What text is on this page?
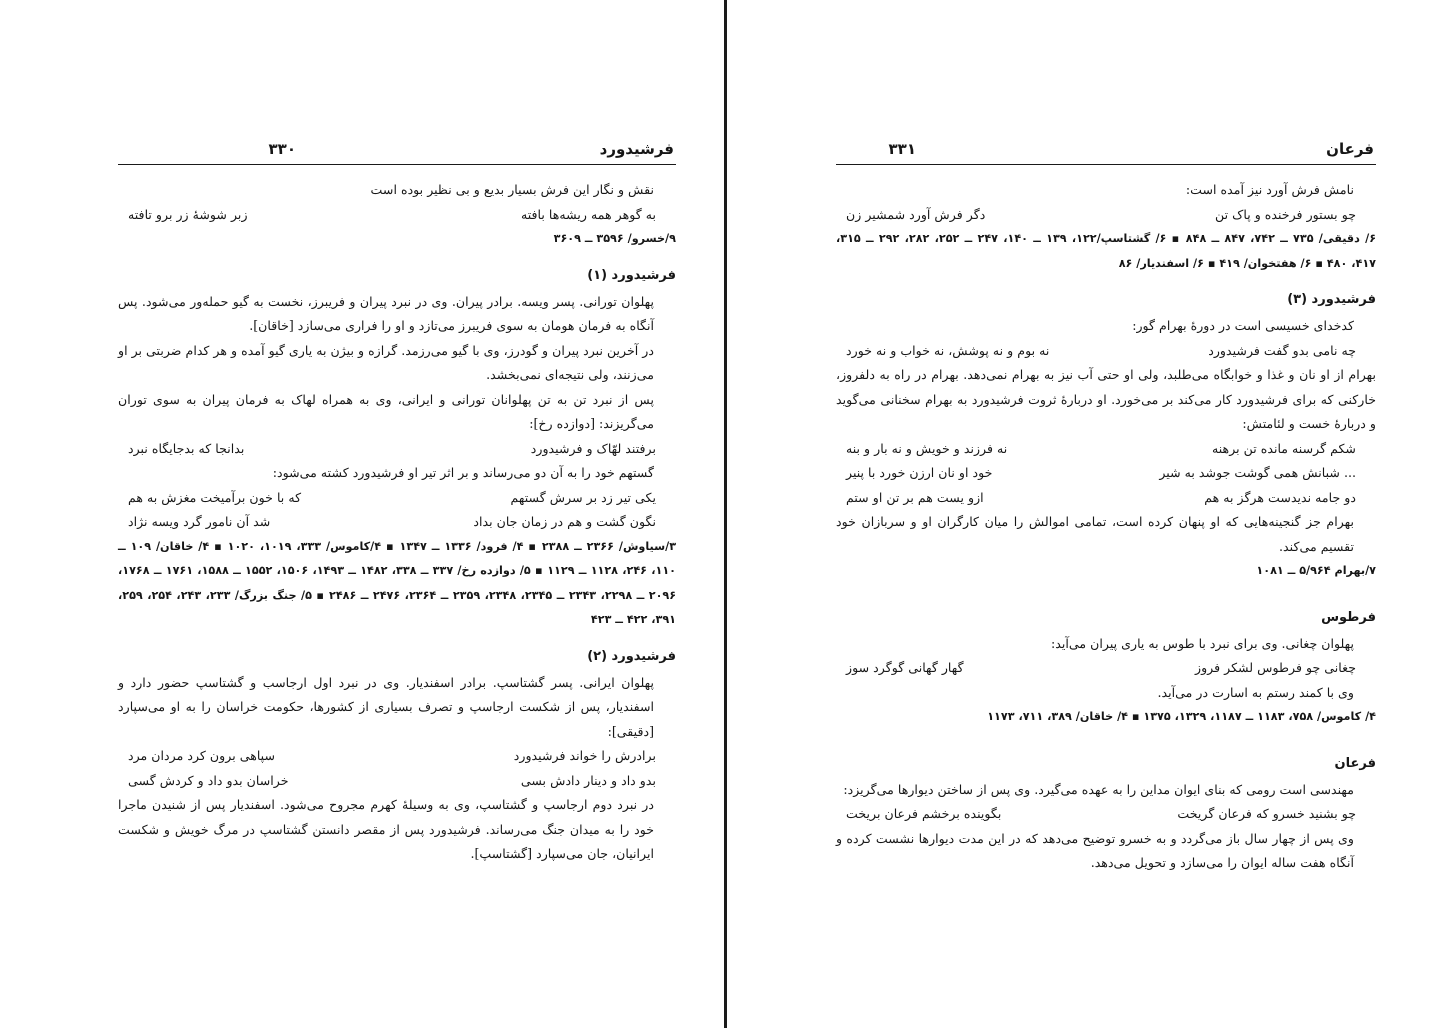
فرشیدورد
۳۳۰

نقش و نگار این فرش بسیار بدیع و بی نظیر بوده است

به گوهر همه ریشه‌ها بافته
زبر شوشهٔ زر برو تافته

۹/خسرو/ ۳۵۹۶ ــ ۳۶۰۹

فرشیدورد (۱)

پهلوان تورانی. پسر ویسه. برادر پیران. وی در نبرد پیران و فریبرز، نخست به گیو حمله‌ور می‌شود. پس آنگاه به فرمان هومان به سوی فریبرز می‌تازد و او را فراری می‌سازد [خاقان].

در آخرین نبرد پیران و گودرز، وی با گیو می‌رزمد. گرازه و بیژن به یاری گیو آمده و هر کدام ضربتی بر او می‌زنند، ولی نتیجه‌ای نمی‌بخشد.

پس از نبرد تن به تن پهلوانان تورانی و ایرانی، وی به همراه لهاک به فرمان پیران به سوی توران می‌گریزند: [دوازده رخ]:

برفتند لهّاک و فرشیدورد
بدانجا که بدجایگاه نبرد

گستهم خود را به آن دو می‌رساند و بر اثر تیر او فرشیدورد کشته می‌شود:

یکی تیر زد بر سرش گستهم
که با خون برآمیخت مغزش به هم
نگون گشت و هم در زمان جان بداد
شد آن نامور گرد ویسه نژاد

۳/سیاوش/ ۲۳۶۶ ــ ۲۳۸۸ ▪ ۴/ فرود/ ۱۳۳۶ ــ ۱۳۴۷ ▪ ۴/کاموس/ ۳۳۳، ۱۰۱۹، ۱۰۲۰ ▪ ۴/ خاقان/ ۱۰۹ ــ ۱۱۰، ۲۴۶، ۱۱۲۸ ــ ۱۱۲۹ ▪ ۵/ دوازده رخ/ ۳۳۷ ــ ۳۳۸، ۱۴۸۲ ــ ۱۴۹۳، ۱۵۰۶، ۱۵۵۲ ــ ۱۵۸۸، ۱۷۶۱ ــ ۱۷۶۸، ۲۰۹۶ ــ ۲۲۹۸، ۲۳۴۳ ــ ۲۳۴۵، ۲۳۴۸، ۲۳۵۹ ــ ۲۳۶۴، ۲۴۷۶ ــ ۲۴۸۶ ▪ ۵/ جنگ بزرگ/ ۲۳۳، ۲۴۳، ۲۵۴، ۲۵۹، ۳۹۱، ۴۲۲ ــ ۴۲۳

فرشیدورد (۲)

پهلوان ایرانی. پسر گشتاسپ. برادر اسفندیار. وی در نبرد اول ارجاسب و گشتاسپ حضور دارد و اسفندیار، پس از شکست ارجاسپ و تصرف بسیاری از کشورها، حکومت خراسان را به او می‌سپارد [دقیقی]:

برادرش را خواند فرشیدورد
سپاهی برون کرد مردان مرد
بدو داد و دینار دادش بسی
خراسان بدو داد و کردش گسی

در نبرد دوم ارجاسپ و گشتاسپ، وی به وسیلهٔ کهرم مجروح می‌شود. اسفندیار پس از شنیدن ماجرا خود را به میدان جنگ می‌رساند. فرشیدورد پس از مقصر دانستن گشتاسپ در مرگ خویش و شکست ایرانیان، جان می‌سپارد [گشتاسپ].

فرعان
۳۳۱

نامش فرش آورد نیز آمده است:

چو بستور فرخنده و پاک تن
دگر فرش آورد شمشیر زن

۶/ دقیقی/ ۷۳۵ ــ ۷۴۲، ۸۴۷ ــ ۸۴۸ ▪ ۶/ گشتاسپ/۱۲۲، ۱۳۹ ــ ۱۴۰، ۲۴۷ ــ ۲۵۲، ۲۸۲، ۲۹۲ ــ ۳۱۵، ۴۱۷، ۴۸۰ ▪ ۶/ هفتخوان/ ۴۱۹ ▪ ۶/ اسفندیار/ ۸۶

فرشیدورد (۳)

کدخدای خسیسی است در دورهٔ بهرام گور:

چه نامی بدو گفت فرشیدورد
نه بوم و نه پوشش، نه خواب و نه خورد

بهرام از او نان و غذا و خوابگاه می‌طلبد، ولی او حتی آب نیز به بهرام نمی‌دهد. بهرام در راه به دلفروز، خارکنی که برای فرشیدورد کار می‌کند بر می‌خورد. او دربارهٔ ثروت فرشیدورد به بهرام سخنانی می‌گوید و دربارهٔ خست و لئامتش:

شکم گرسنه مانده تن برهنه
نه فرزند و خویش و نه بار و بنه
... شبانش همی گوشت جوشد به شیر
خود او نان ارزن خورد با پنیر
دو جامه ندیدست هرگز به هم
ازو یست هم بر تن او ستم

بهرام جز گنجینه‌هایی که او پنهان کرده است، تمامی اموالش را میان کارگران او و سربازان خود تقسیم می‌کند.

۷/بهرام ۵/۹۶۴ ــ ۱۰۸۱

فرطوس

پهلوان چغانی. وی برای نبرد با طوس به یاری پیران می‌آید:

چغانی چو فرطوس لشکر فروز
گهار گهانی گوگرد سوز

وی با کمند رستم به اسارت در می‌آید.

۴/ کاموس/ ۷۵۸، ۱۱۸۳ ــ ۱۱۸۷، ۱۳۲۹، ۱۳۷۵ ▪ ۴/ خاقان/ ۳۸۹، ۷۱۱، ۱۱۷۳

فرعان

مهندسی است رومی که بنای ایوان مداین را به عهده می‌گیرد. وی پس از ساختن دیوارها می‌گریزد:

چو بشنید خسرو که فرعان گریخت
بگوینده برخشم فرعان بریخت

وی پس از چهار سال باز می‌گردد و به خسرو توضیح می‌دهد که در این مدت دیوارها نشست کرده و آنگاه هفت ساله ایوان را می‌سازد و تحویل می‌دهد.
